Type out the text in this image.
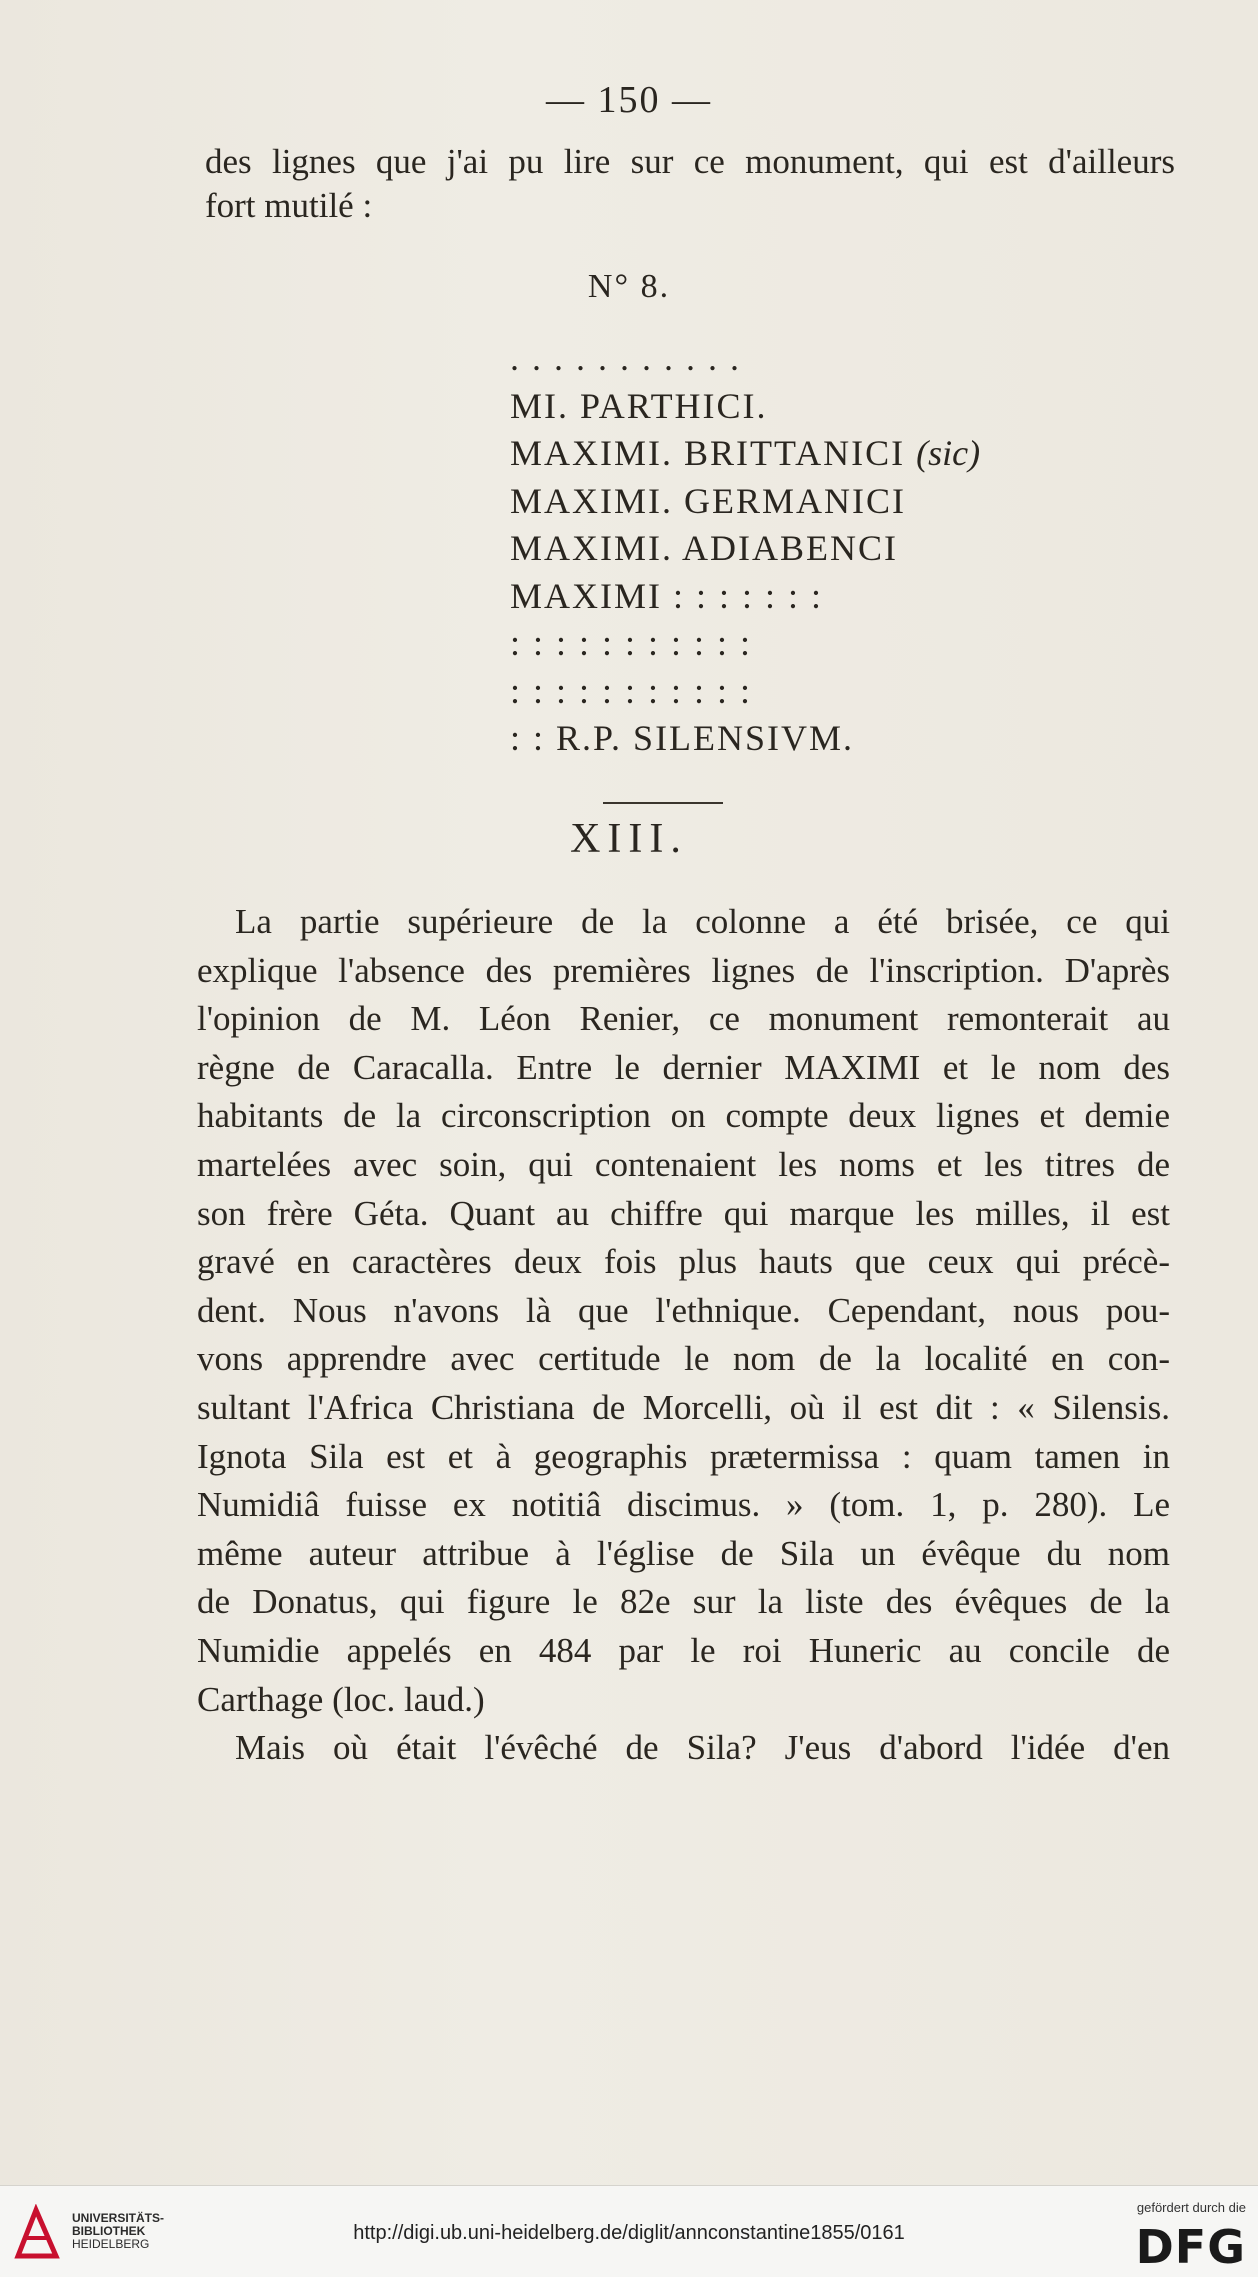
— 150 —
des lignes que j'ai pu lire sur ce monument, qui est d'ailleurs
fort mutilé :
N° 8.
. . . . . . . . . . .
MI. PARTHICI.
MAXIMI. BRITTANICI (sic)
MAXIMI. GERMANICI
MAXIMI. ADIABENCI
MAXIMI : : : : : : :
: : : : : : : : : : :
: : : : : : : : : : :
: : R.P. SILENSIVM.
XIII.
La partie supérieure de la colonne a été brisée, ce qui
explique l'absence des premières lignes de l'inscription. D'après
l'opinion de M. Léon Renier, ce monument remonterait au
règne de Caracalla. Entre le dernier MAXIMI et le nom des
habitants de la circonscription on compte deux lignes et demie
martelées avec soin, qui contenaient les noms et les titres de
son frère Géta. Quant au chiffre qui marque les milles, il est
gravé en caractères deux fois plus hauts que ceux qui précè-
dent. Nous n'avons là que l'ethnique. Cependant, nous pou-
vons apprendre avec certitude le nom de la localité en con-
sultant l'Africa Christiana de Morcelli, où il est dit : « Silensis.
Ignota Sila est et à geographis prætermissa : quam tamen in
Numidiâ fuisse ex notitiâ discimus. » (tom. 1, p. 280). Le
même auteur attribue à l'église de Sila un évêque du nom
de Donatus, qui figure le 82e sur la liste des évêques de la
Numidie appelés en 484 par le roi Huneric au concile de
Carthage (loc. laud.)
Mais où était l'évêché de Sila? J'eus d'abord l'idée d'en
UNIVERSITÄTS-
BIBLIOTHEK
HEIDELBERG	http://digi.ub.uni-heidelberg.de/diglit/annconstantine1855/0161
gefördert durch die
DFG
